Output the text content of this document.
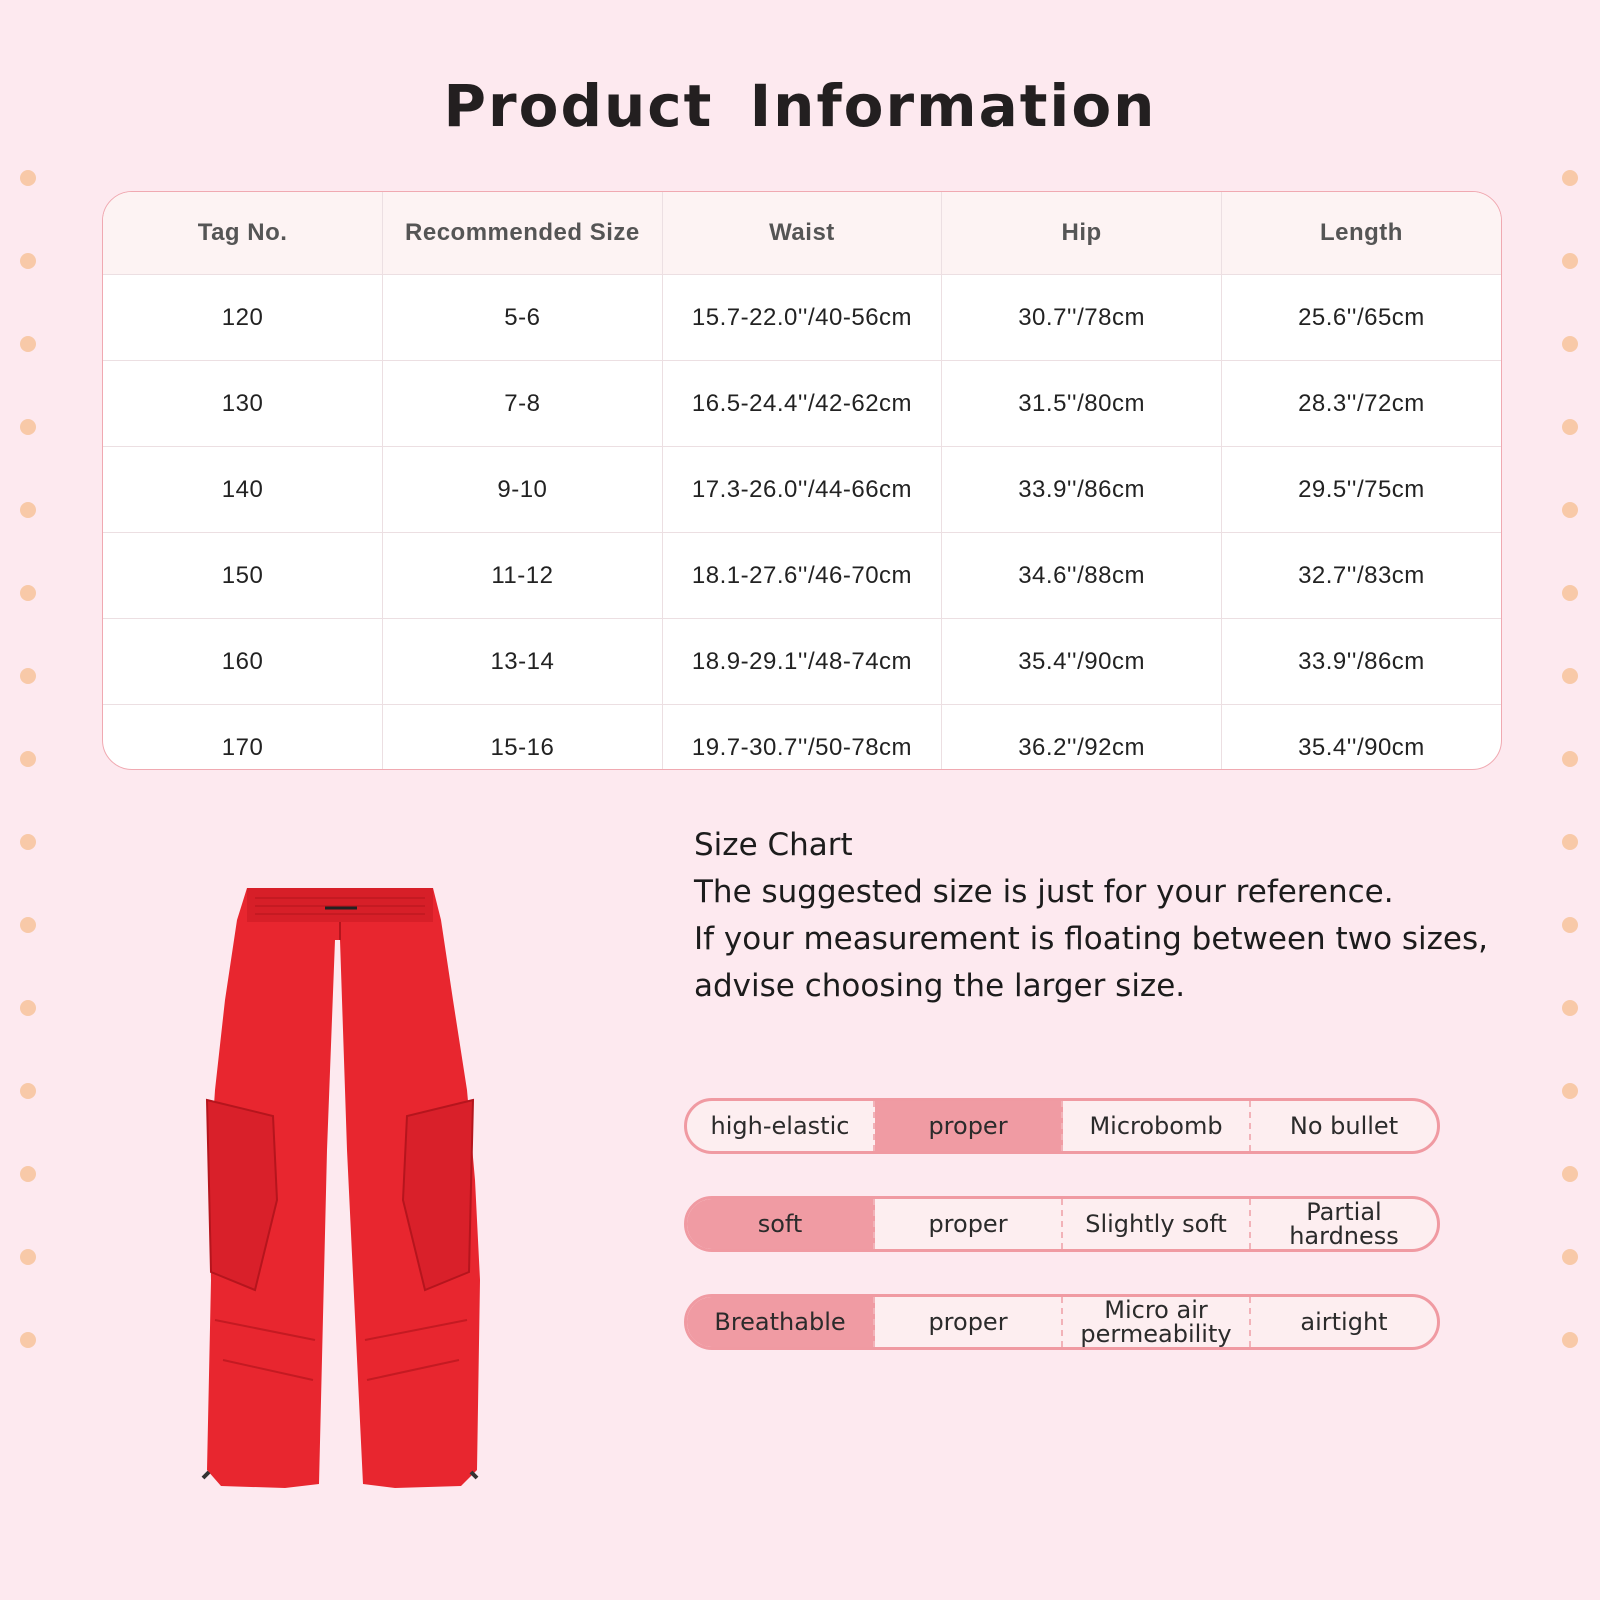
Product Information
Tag No.	Recommended Size	Waist	Hip	Length
120	5-6	15.7-22.0''/40-56cm	30.7''/78cm	25.6''/65cm
130	7-8	16.5-24.4''/42-62cm	31.5''/80cm	28.3''/72cm
140	9-10	17.3-26.0''/44-66cm	33.9''/86cm	29.5''/75cm
150	11-12	18.1-27.6''/46-70cm	34.6''/88cm	32.7''/83cm
160	13-14	18.9-29.1''/48-74cm	35.4''/90cm	33.9''/86cm
170	15-16	19.7-30.7''/50-78cm	36.2''/92cm	35.4''/90cm
Size Chart
The suggested size is just for your reference.
If your measurement is floating between two sizes,
advise choosing the larger size.
high-elastic	proper	Microbomb	No bullet
soft	proper	Slightly soft	Partial hardness
Breathable	proper	Micro air permeability	airtight
